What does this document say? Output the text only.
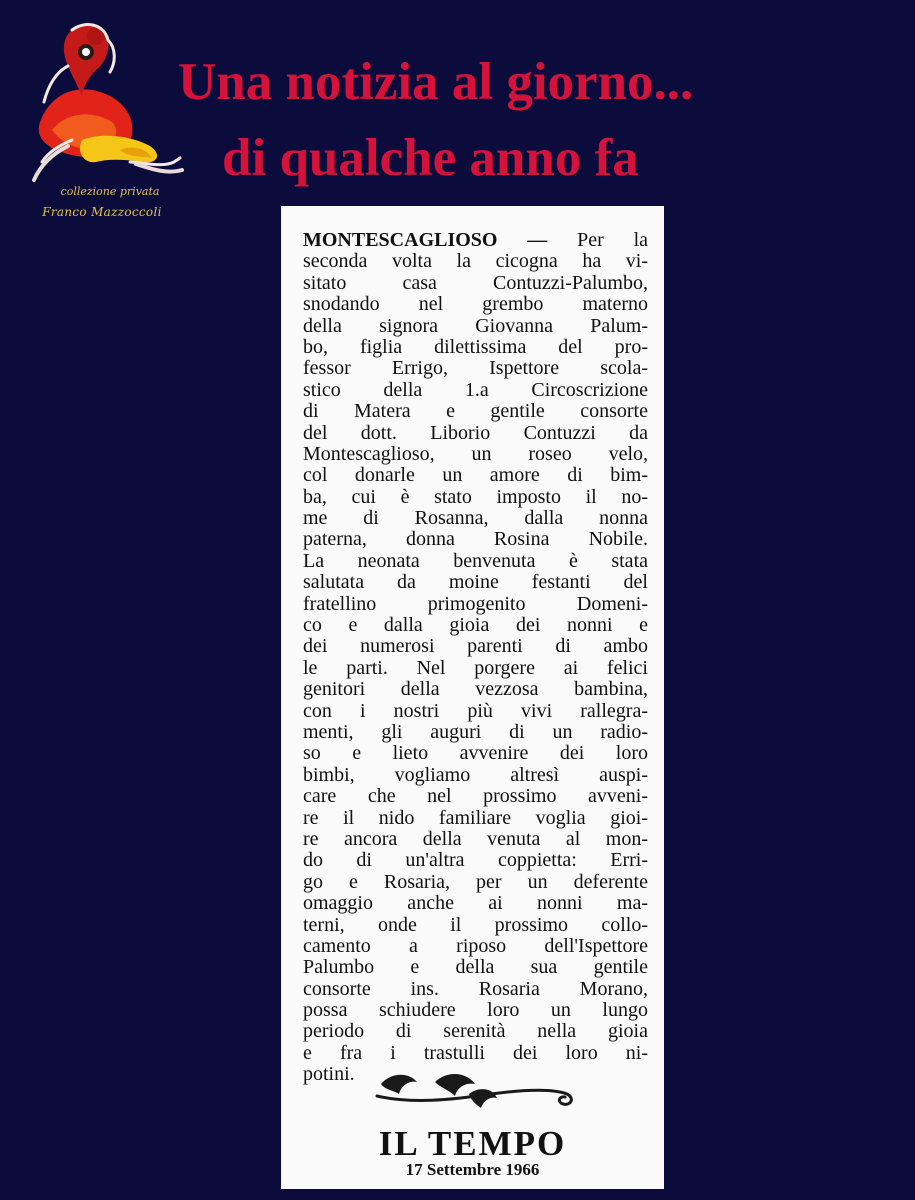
collezione privata
Franco Mazzoccoli
Una notizia al giorno...
di qualche anno fa
MONTESCAGLIOSO — Per la
seconda volta la cicogna ha vi-
sitato casa Contuzzi-Palumbo,
snodando nel grembo materno
della signora Giovanna Palum-
bo, figlia dilettissima del pro-
fessor Errigo, Ispettore scola-
stico della 1.a Circoscrizione
di Matera e gentile consorte
del dott. Liborio Contuzzi da
Montescaglioso, un roseo velo,
col donarle un amore di bim-
ba, cui è stato imposto il no-
me di Rosanna, dalla nonna
paterna, donna Rosina Nobile.
La neonata benvenuta è stata
salutata da moine festanti del
fratellino primogenito Domeni-
co e dalla gioia dei nonni e
dei numerosi parenti di ambo
le parti. Nel porgere ai felici
genitori della vezzosa bambina,
con i nostri più vivi rallegra-
menti, gli auguri di un radio-
so e lieto avvenire dei loro
bimbi, vogliamo altresì auspi-
care che nel prossimo avveni-
re il nido familiare voglia gioi-
re ancora della venuta al mon-
do di un'altra coppietta: Erri-
go e Rosaria, per un deferente
omaggio anche ai nonni ma-
terni, onde il prossimo collo-
camento a riposo dell'Ispettore
Palumbo e della sua gentile
consorte ins. Rosaria Morano,
possa schiudere loro un lungo
periodo di serenità nella gioia
e fra i trastulli dei loro ni-
potini.
IL TEMPO
17 Settembre 1966
